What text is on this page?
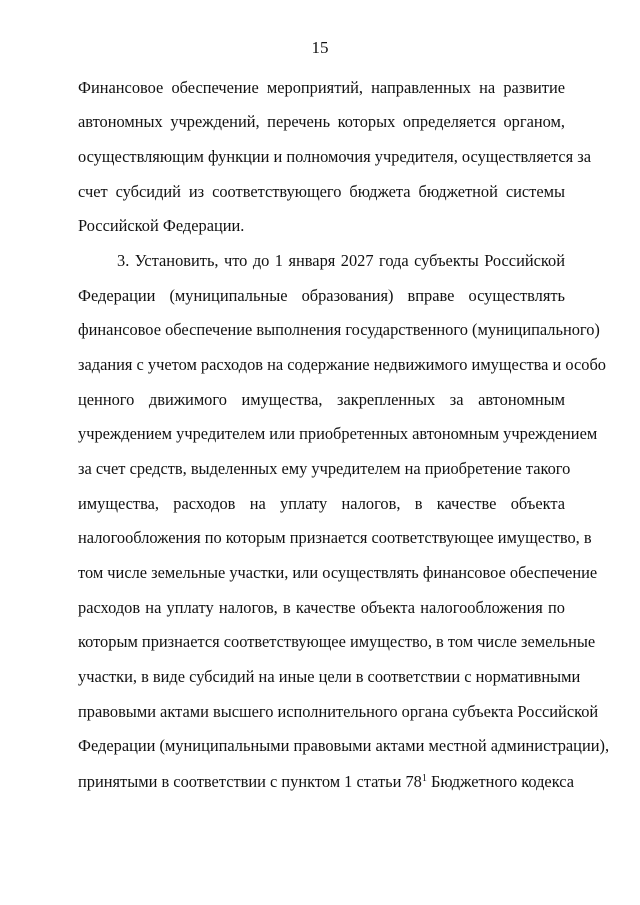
15
Финансовое обеспечение мероприятий, направленных на развитие
автономных учреждений, перечень которых определяется органом,
осуществляющим функции и полномочия учредителя, осуществляется за
счет субсидий из соответствующего бюджета бюджетной системы
Российской Федерации.
3. Установить, что до 1 января 2027 года субъекты Российской
Федерации (муниципальные образования) вправе осуществлять
финансовое обеспечение выполнения государственного (муниципального)
задания с учетом расходов на содержание недвижимого имущества и особо
ценного движимого имущества, закрепленных за автономным
учреждением учредителем или приобретенных автономным учреждением
за счет средств, выделенных ему учредителем на приобретение такого
имущества, расходов на уплату налогов, в качестве объекта
налогообложения по которым признается соответствующее имущество, в
том числе земельные участки, или осуществлять финансовое обеспечение
расходов на уплату налогов, в качестве объекта налогообложения по
которым признается соответствующее имущество, в том числе земельные
участки, в виде субсидий на иные цели в соответствии с нормативными
правовыми актами высшего исполнительного органа субъекта Российской
Федерации (муниципальными правовыми актами местной администрации),
принятыми в соответствии с пунктом 1 статьи $78^1$ Бюджетного кодекса
